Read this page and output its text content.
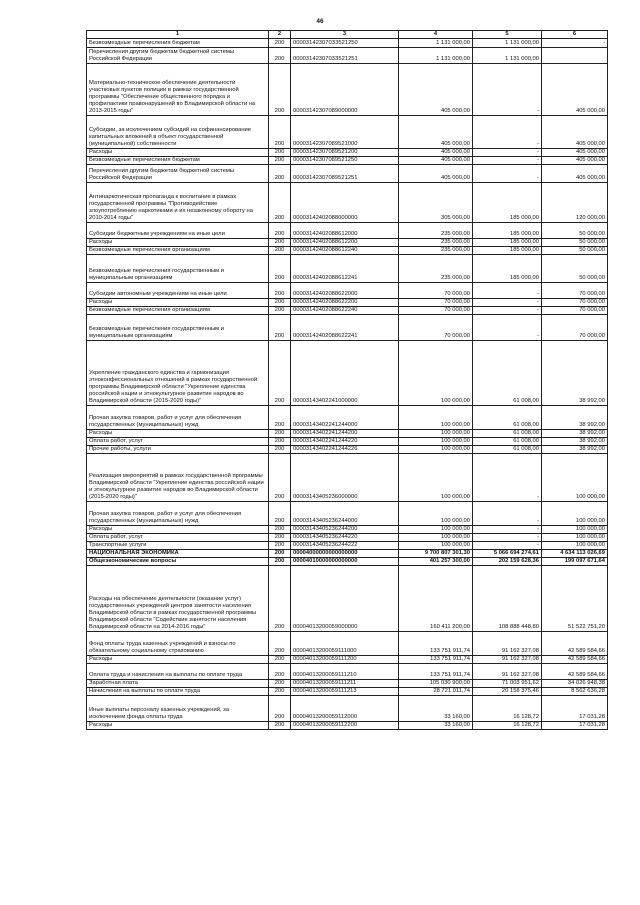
46
1	2	3	4	5	6
Безвозмездные перечисления бюджетам	200	000031423070З3521250	1 131 000,00	1 131 000,00	-
Перечисления другим бюджетам бюджетной системы Российской Федерации	200	0000314230703З521251	1 131 000,00	1 131 000,00	
Материально-техническое обеспечение деятельности участковых пунктов полиции в рамках государственной программы "Обеспечение общественного порядка и профилактики правонарушений во Владимирской области на 2013-2015 годы"	200	00003142307089000000	405 000,00	-	405 000,00
Субсидии, за исключением субсидий на софинансирование капитальных вложений в объект государственной (муниципальной) собственности	200	00003142307089521000	405 000,00	-	405 000,00
Расходы	200	00003142307089521200	405 000,00	-	405 000,00
Безвозмездные перечисления бюджетам	200	00003142307089521250	405 000,00	-	405 000,00
Перечисления другим бюджетам бюджетной системы Российской Федерации	200	00003142307089521251	405 000,00	-	405 000,00
Антинаркотическая пропаганда к воспитание в рамках государственной программы "Противодействие злоупотреблению наркотиками и их незаконному обороту на 2010-2014 годы"	200	00003142402088000000	305 000,00	185 000,00	120 000,00
Субсидии бюджетным учреждениям на иные цели	200	00003142402088612000	235 000,00	185 000,00	50 000,00
Расходы	200	00003142402088612200	235 000,00	185 000,00	50 000,00
Безвозмездные перечисления организациям	200	00003142402088612240	235 000,00	185 000,00	50 000,00
Безвозмездные перечисления государственным и муниципальным организациям	200	00003142402088612241	235 000,00	185 000,00	50 000,00
Субсидии автономным учреждениям на иные цели	200	00003142402088622000	70 000,00	-	70 000,00
Расходы	200	00003142402088622200	70 000,00	-	70 000,00
Безвозмездные перечисления организациям	200	00003142402088622240	70 000,00	-	70 000,00
Безвозмездные перечисления государственным и муниципальным организациям	200	00003142402088622241	70 000,00	-	70 000,00
Укрепление гражданского единства и гармонизация этноконфессиональных отношений в рамках государственной программы Владимирской области "Укрепление единства российской нации и этнокультурное развитие народов во Владимирской области (2015-2020 годы)"	200	00003143402241000000	100 000,00	61 008,00	38 992,00
Прочая закупка товаров, работ и услуг для обеспечения государственных (муниципальных) нужд	200	00003143402241244000	100 000,00	61 008,00	38 992,00
Расходы	200	00003143402241244200	100 000,00	61 008,00	38 992,00
Оплата работ, услуг	200	00003143402241244220	100 000,00	61 008,00	38 992,00
Прочие работы, услуги	200	00003143402241244226	100 000,00	61 008,00	38 992,00
Реализация мероприятий в рамках государственной программы Владимирской области "Укрепление единства российской нации и этнокультурное развитие народов во Владимирской области (2015-2020 годы)"	200	00003143405236000000	100 000,00	-	100 000,00
Прочая закупка товаров, работ и услуг для обеспечения государственных (муниципальных) нужд	200	00003143405236244000	100 000,00	-	100 000,00
Расходы	200	00003143405236244200	100 000,00	-	100 000,00
Оплата работ, услуг	200	00003143405236244220	100 000,00	-	100 000,00
Транспортные услуги	200	00003143405236244222	100 000,00	-	100 000,00
НАЦИОНАЛЬНАЯ ЭКОНОМИКА	200	00004000000000000000	9 700 807 301,30	5 066 694 274,61	4 634 113 026,69
Общеэкономические вопросы	200	00004010000000000000	401 257 300,00	202 159 628,36	199 097 671,64
Расходы на обеспечение деятельности (оказание услуг) государственных учреждений центров занятости населения Владимирской области в рамках государственной программы Владимирской области "Содействие занятости населения Владимирской области на 2014-2016 годы"	200	00004013200059000000	160 411 200,00	108 888 448,80	51 522 751,20
Фонд оплаты труда казенных учреждений и взносы по обязательному социальному страхованию	200	00004013200059111000	133 751 911,74	91 162 327,08	42 589 584,66
Расходы	200	00004013200059111200	133 751 911,74	91 162 327,08	42 589 584,66
Оплата труда и начисления на выплаты по оплате труда	200	00004013200059111210	133 751 911,74	91 162 327,08	42 589 584,66
Заработная плата	200	00004013200059111211	105 030 900,00	71 003 951,62	34 026 948,38
Начисления на выплаты по оплате труда	200	00004013200059111213	28 721 011,74	20 158 375,46	8 562 636,28
Иные выплаты персоналу казенных учреждений, за исключением фонда оплаты труда	200	00004013200059112000	33 160,00	16 128,72	17 031,28
Расходы	200	00004013200059112200	33 160,00	16 128,72	17 031,28
